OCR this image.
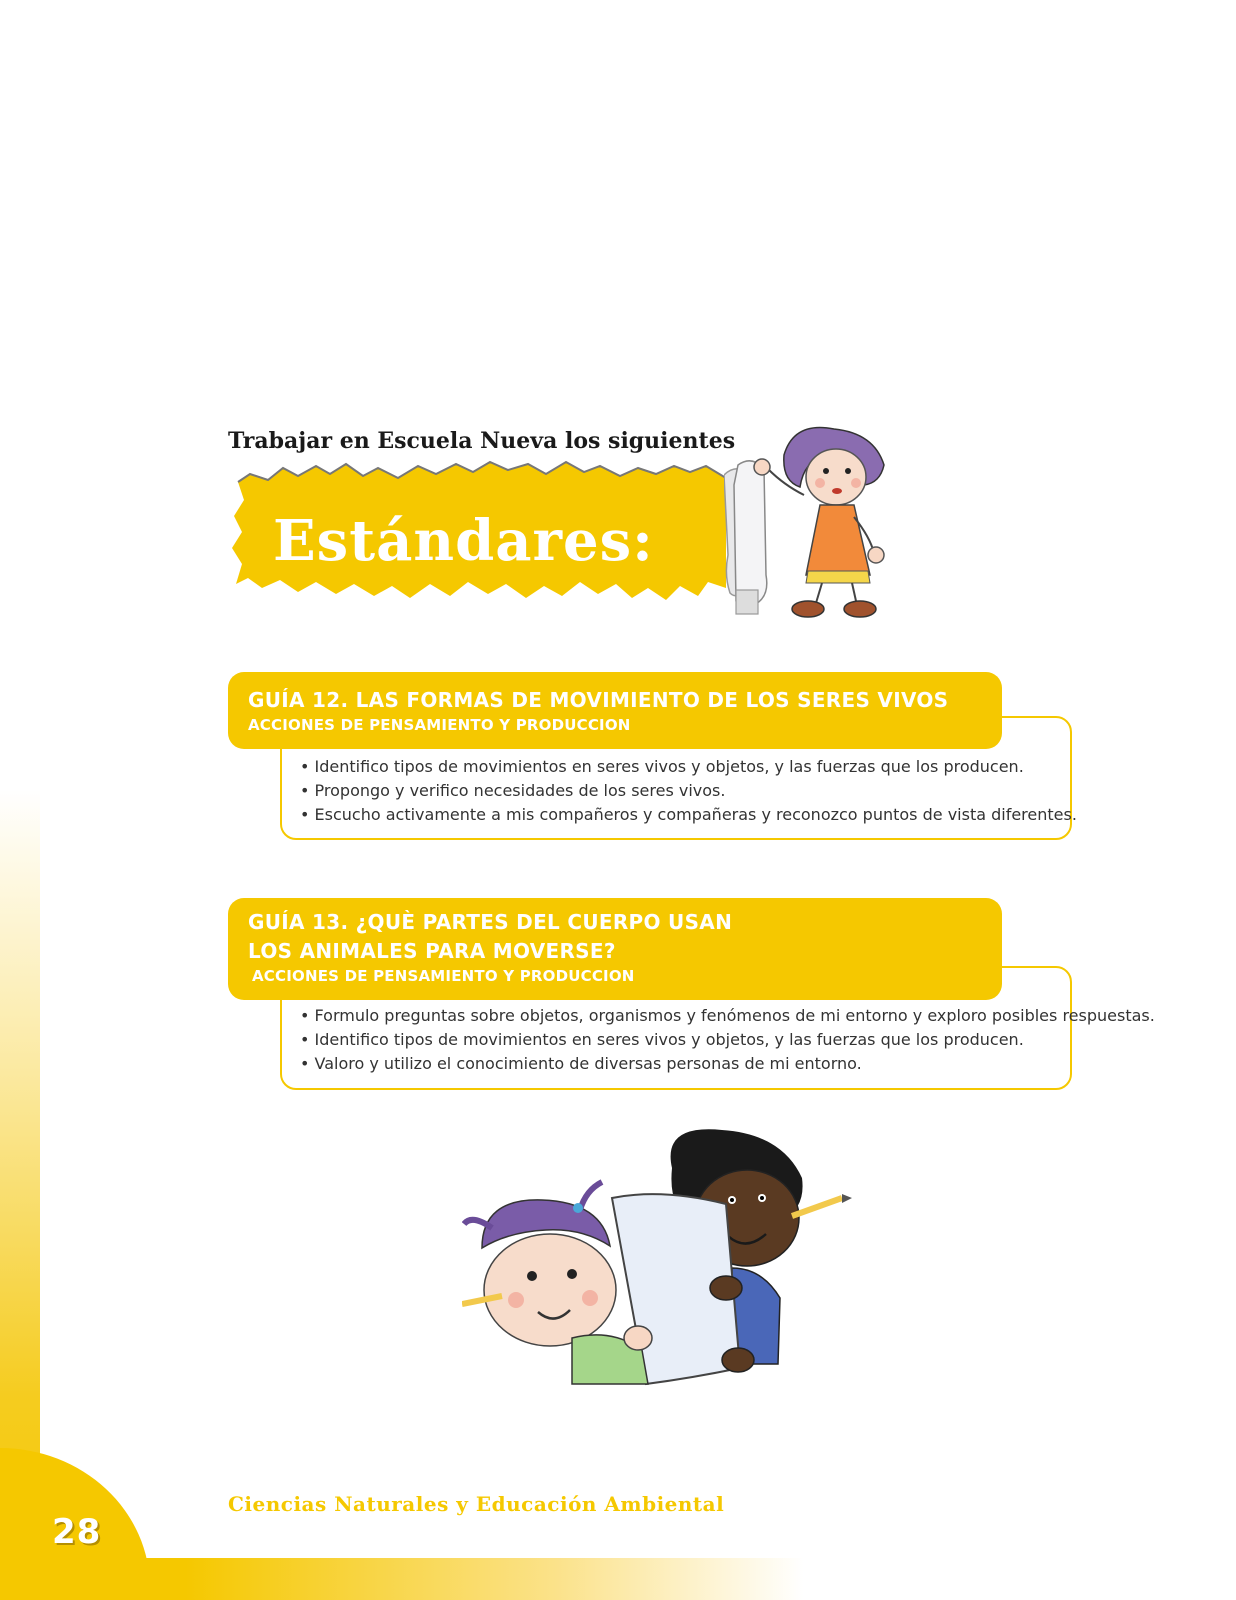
Trabajar en Escuela Nueva los siguientes

Estándares:

GUÍA 12. LAS FORMAS DE MOVIMIENTO DE LOS SERES VIVOS

ACCIONES DE PENSAMIENTO Y PRODUCCION

• Identifico tipos de movimientos en seres vivos y objetos, y las fuerzas que los producen.
• Propongo y verifico necesidades de los seres vivos.
• Escucho activamente a mis compañeros y compañeras y reconozco puntos de vista diferentes.

GUÍA 13. ¿QUÈ PARTES DEL CUERPO USAN

LOS ANIMALES PARA MOVERSE?

ACCIONES DE PENSAMIENTO Y PRODUCCION

• Formulo preguntas sobre objetos, organismos y fenómenos de mi entorno y exploro posibles respuestas.
• Identifico tipos de movimientos en seres vivos y objetos, y las fuerzas que los producen.
• Valoro y utilizo el conocimiento de diversas personas de mi entorno.

Ciencias Naturales y Educación Ambiental

28
